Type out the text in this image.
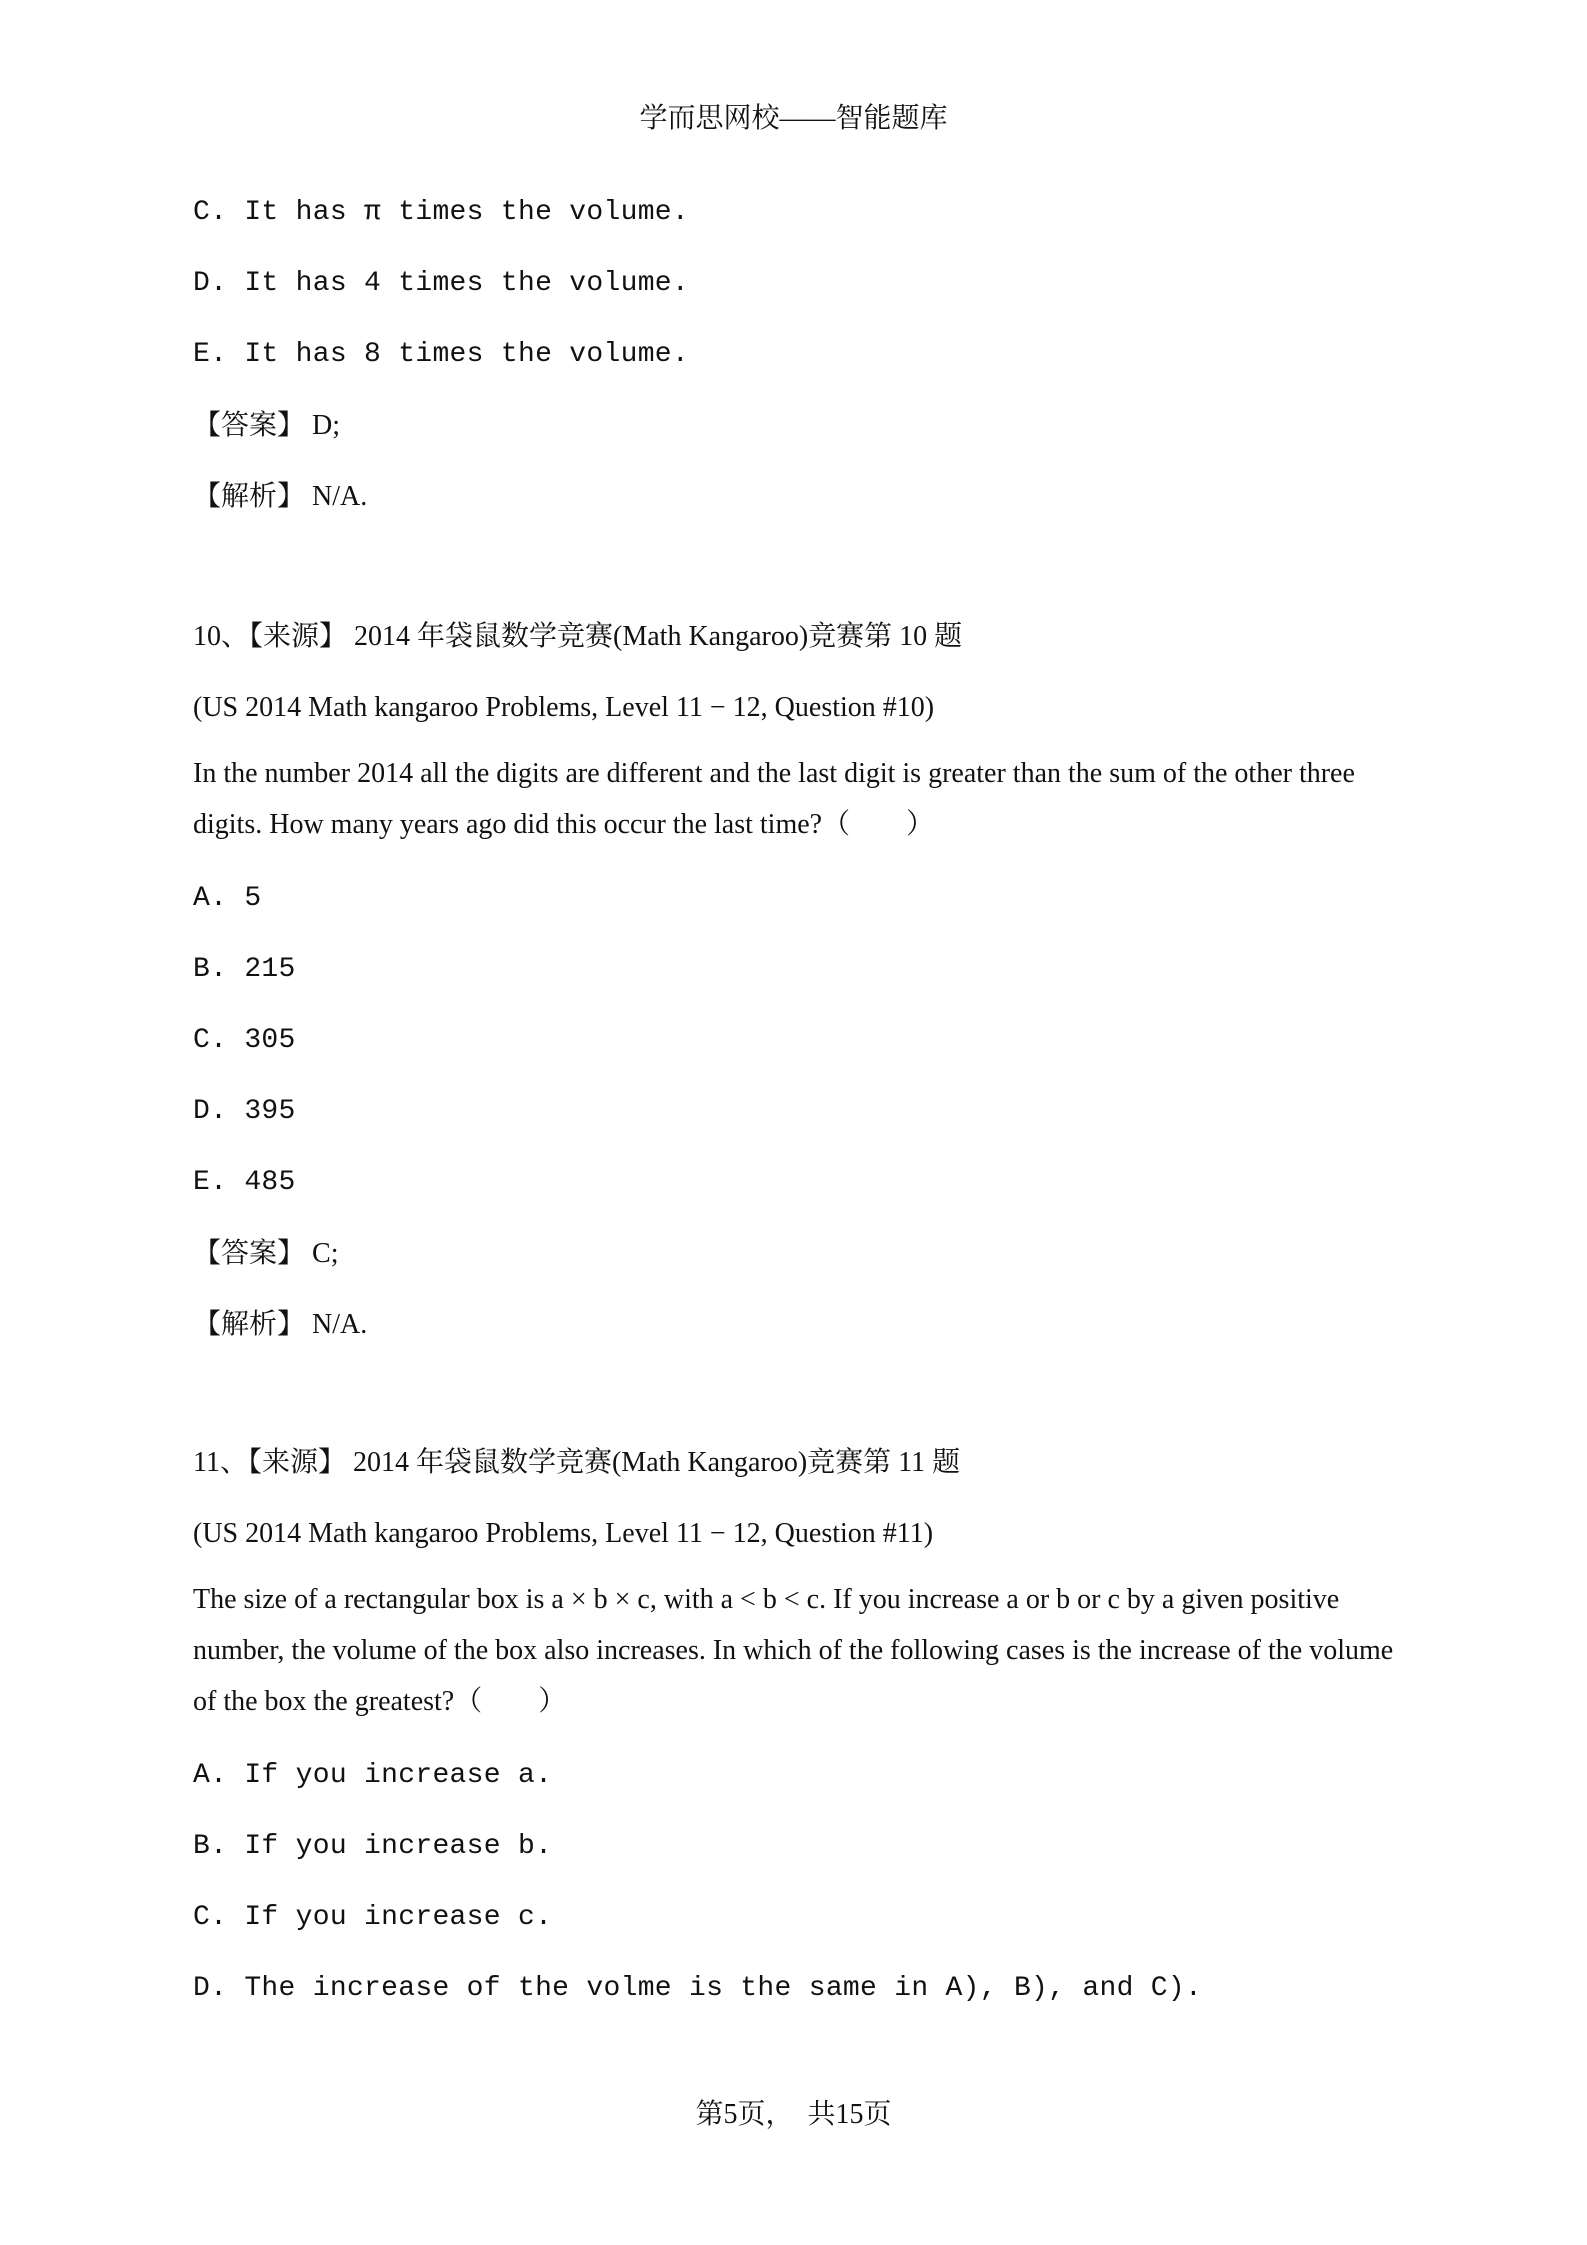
学而思网校——智能题库
C. It has π times the volume.
D. It has 4 times the volume.
E. It has 8 times the volume.
【答案】 D;
【解析】 N/A.
10、【来源】 2014 年袋鼠数学竞赛(Math Kangaroo)竞赛第 10 题
(US 2014 Math kangaroo Problems, Level 11 − 12, Question #10)
In the number 2014 all the digits are different and the last digit is greater than the sum of the other three digits. How many years ago did this occur the last time?（　　）
A. 5
B. 215
C. 305
D. 395
E. 485
【答案】 C;
【解析】 N/A.
11、【来源】 2014 年袋鼠数学竞赛(Math Kangaroo)竞赛第 11 题
(US 2014 Math kangaroo Problems, Level 11 − 12, Question #11)
The size of a rectangular box is a × b × c, with a < b < c. If you increase a or b or c by a given positive number, the volume of the box also increases. In which of the following cases is the increase of the volume of the box the greatest?（　　）
A. If you increase a.
B. If you increase b.
C. If you increase c.
D. The increase of the volme is the same in A), B), and C).
第5页，　共15页
